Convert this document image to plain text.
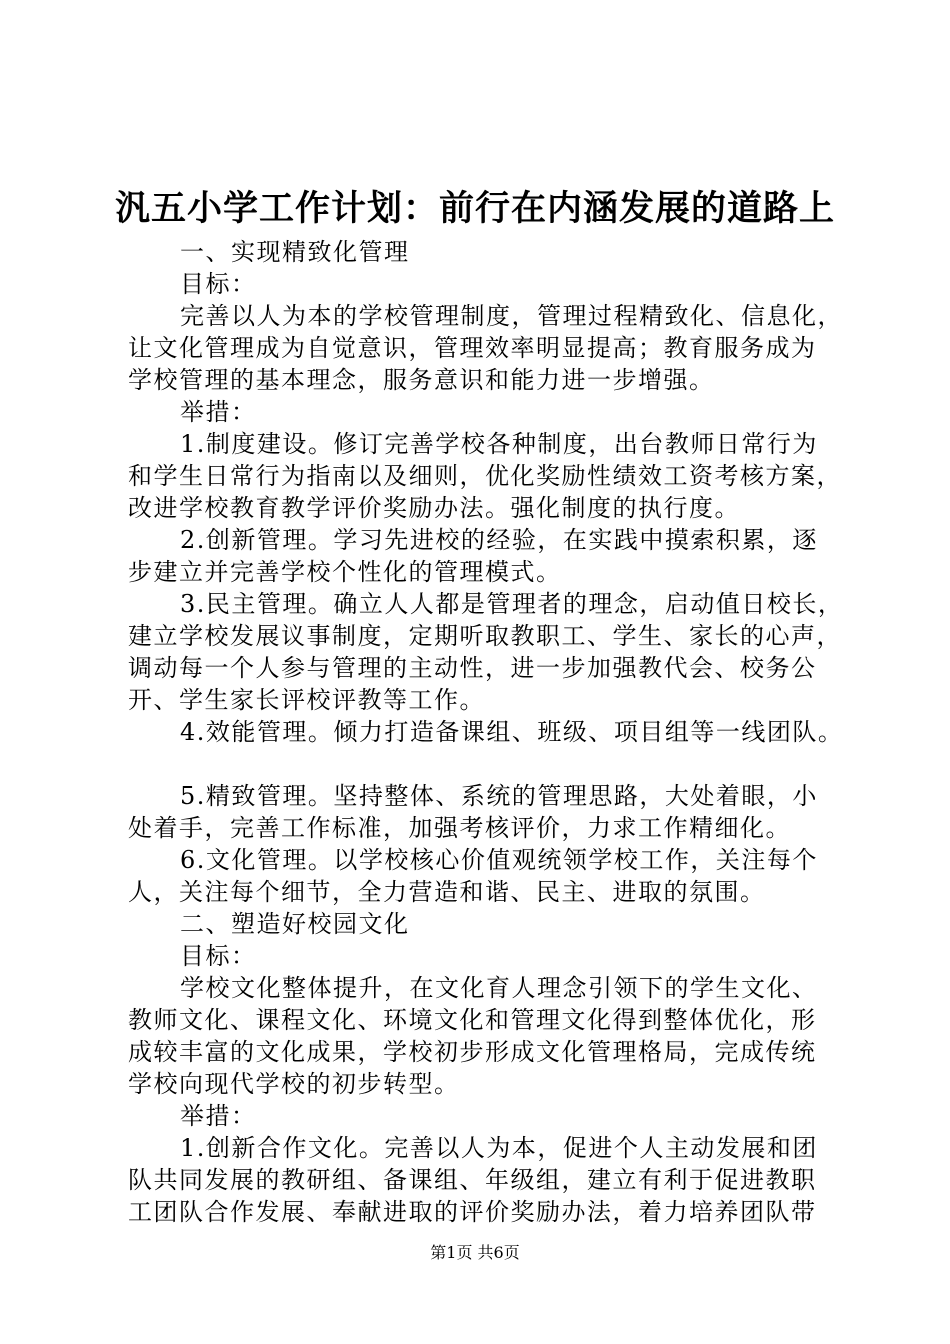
汎五小学工作计划：前行在内涵发展的道路上
一、实现精致化管理
目标：
完善以人为本的学校管理制度，管理过程精致化、信息化，
让文化管理成为自觉意识，管理效率明显提高；教育服务成为
学校管理的基本理念，服务意识和能力进一步增强。
举措：
1.制度建设。修订完善学校各种制度，出台教师日常行为
和学生日常行为指南以及细则，优化奖励性绩效工资考核方案，
改进学校教育教学评价奖励办法。强化制度的执行度。
2.创新管理。学习先进校的经验，在实践中摸索积累，逐
步建立并完善学校个性化的管理模式。
3.民主管理。确立人人都是管理者的理念，启动值日校长，
建立学校发展议事制度，定期听取教职工、学生、家长的心声，
调动每一个人参与管理的主动性，进一步加强教代会、校务公
开、学生家长评校评教等工作。
4.效能管理。倾力打造备课组、班级、项目组等一线团队。
5.精致管理。坚持整体、系统的管理思路，大处着眼，小
处着手，完善工作标准，加强考核评价，力求工作精细化。
6.文化管理。以学校核心价值观统领学校工作，关注每个
人，关注每个细节，全力营造和谐、民主、进取的氛围。
二、塑造好校园文化
目标：
学校文化整体提升，在文化育人理念引领下的学生文化、
教师文化、课程文化、环境文化和管理文化得到整体优化，形
成较丰富的文化成果，学校初步形成文化管理格局，完成传统
学校向现代学校的初步转型。
举措：
1.创新合作文化。完善以人为本，促进个人主动发展和团
队共同发展的教研组、备课组、年级组，建立有利于促进教职
工团队合作发展、奉献进取的评价奖励办法，着力培养团队带
第1页 共6页
